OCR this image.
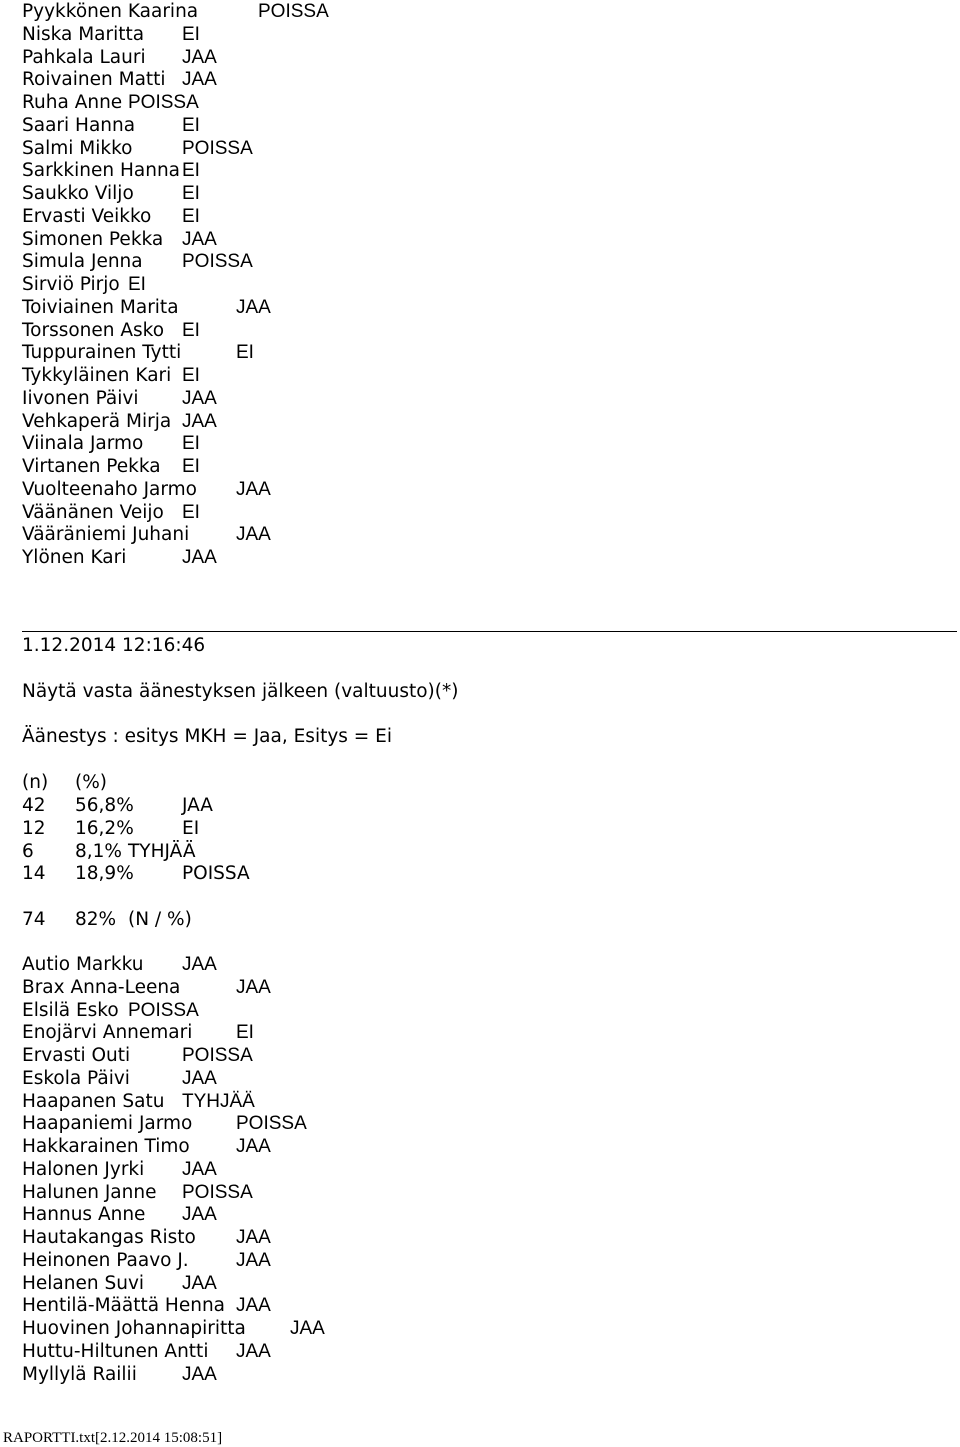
Pyykkönen Kaarina	POISSA
Niska Maritta EI
Pahkala Lauri JAA
Roivainen Matti JAA
Ruha Anne POISSA
Saari Hanna EI
Salmi Mikko	POISSA
Sarkkinen Hanna EI
Saukko Viljo	EI
Ervasti Veikko EI
Simonen Pekka JAA
Simula Jenna POISSA
Sirviö Pirjo EI
Toiviainen Marita	JAA
Torssonen Asko EI
Tuppurainen Tytti	EI
Tykkyläinen Kari EI
Iivonen Päivi JAA
Vehkaperä Mirja JAA
Viinala Jarmo EI
Virtanen Pekka EI
Vuolteenaho Jarmo JAA
Väänänen Veijo EI
Vääräniemi Juhani JAA
Ylönen Kari	JAA
1.12.2014 12:16:46
Näytä vasta äänestyksen jälkeen (valtuusto)(*)
Äänestys : esitys MKH = Jaa, Esitys = Ei
(n) (%)
42 56,8%	JAA
12 16,2%	EI
6 8,1% TYHJÄÄ
14 18,9%	POISSA
74 82% (N / %)
Autio Markku JAA
Brax Anna-Leena	JAA
Elsilä Esko POISSA
Enojärvi Annemari EI
Ervasti Outi	POISSA
Eskola Päivi	JAA
Haapanen Satu TYHJÄÄ
Haapaniemi Jarmo POISSA
Hakkarainen Timo JAA
Halonen Jyrki JAA
Halunen Janne POISSA
Hannus Anne JAA
Hautakangas Risto JAA
Heinonen Paavo J. JAA
Helanen Suvi JAA
Hentilä-Määttä Henna JAA
Huovinen Johannapiritta JAA
Huttu-Hiltunen Antti JAA
Myllylä Railii JAA
RAPORTTI.txt[2.12.2014 15:08:51]
